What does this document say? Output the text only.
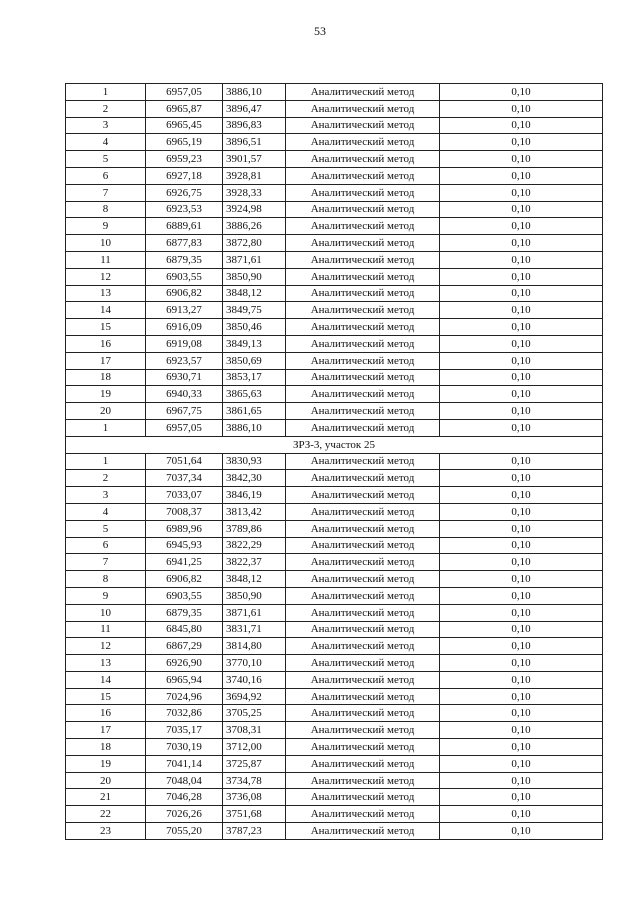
53
1	6957,05	3886,10	Аналитический метод	0,10
2	6965,87	3896,47	Аналитический метод	0,10
3	6965,45	3896,83	Аналитический метод	0,10
4	6965,19	3896,51	Аналитический метод	0,10
5	6959,23	3901,57	Аналитический метод	0,10
6	6927,18	3928,81	Аналитический метод	0,10
7	6926,75	3928,33	Аналитический метод	0,10
8	6923,53	3924,98	Аналитический метод	0,10
9	6889,61	3886,26	Аналитический метод	0,10
10	6877,83	3872,80	Аналитический метод	0,10
11	6879,35	3871,61	Аналитический метод	0,10
12	6903,55	3850,90	Аналитический метод	0,10
13	6906,82	3848,12	Аналитический метод	0,10
14	6913,27	3849,75	Аналитический метод	0,10
15	6916,09	3850,46	Аналитический метод	0,10
16	6919,08	3849,13	Аналитический метод	0,10
17	6923,57	3850,69	Аналитический метод	0,10
18	6930,71	3853,17	Аналитический метод	0,10
19	6940,33	3865,63	Аналитический метод	0,10
20	6967,75	3861,65	Аналитический метод	0,10
1	6957,05	3886,10	Аналитический метод	0,10
ЗРЗ-3, участок 25				
1	7051,64	3830,93	Аналитический метод	0,10
2	7037,34	3842,30	Аналитический метод	0,10
3	7033,07	3846,19	Аналитический метод	0,10
4	7008,37	3813,42	Аналитический метод	0,10
5	6989,96	3789,86	Аналитический метод	0,10
6	6945,93	3822,29	Аналитический метод	0,10
7	6941,25	3822,37	Аналитический метод	0,10
8	6906,82	3848,12	Аналитический метод	0,10
9	6903,55	3850,90	Аналитический метод	0,10
10	6879,35	3871,61	Аналитический метод	0,10
11	6845,80	3831,71	Аналитический метод	0,10
12	6867,29	3814,80	Аналитический метод	0,10
13	6926,90	3770,10	Аналитический метод	0,10
14	6965,94	3740,16	Аналитический метод	0,10
15	7024,96	3694,92	Аналитический метод	0,10
16	7032,86	3705,25	Аналитический метод	0,10
17	7035,17	3708,31	Аналитический метод	0,10
18	7030,19	3712,00	Аналитический метод	0,10
19	7041,14	3725,87	Аналитический метод	0,10
20	7048,04	3734,78	Аналитический метод	0,10
21	7046,28	3736,08	Аналитический метод	0,10
22	7026,26	3751,68	Аналитический метод	0,10
23	7055,20	3787,23	Аналитический метод	0,10
